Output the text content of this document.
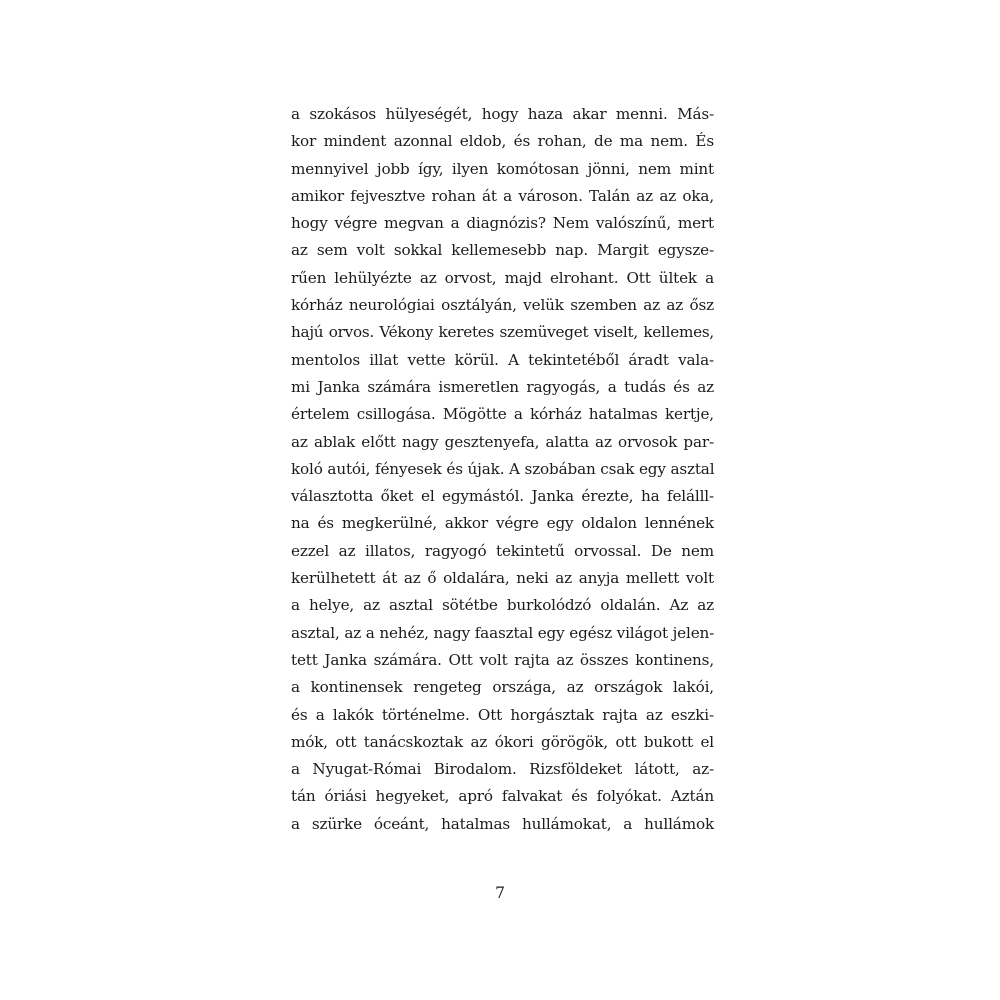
a szokásos hülyeségét, hogy haza akar menni. Más-
kor mindent azonnal eldob, és rohan, de ma nem. És
mennyivel jobb így, ilyen komótosan jönni, nem mint
amikor fejvesztve rohan át a városon. Talán az az oka,
hogy végre megvan a diagnózis? Nem valószínű, mert
az sem volt sokkal kellemesebb nap. Margit egysze-
rűen lehülyézte az orvost, majd elrohant. Ott ültek a
kórház neurológiai osztályán, velük szemben az az ősz
hajú orvos. Vékony keretes szemüveget viselt, kellemes,
mentolos illat vette körül. A tekintetéből áradt vala-
mi Janka számára ismeretlen ragyogás, a tudás és az
értelem csillogása. Mögötte a kórház hatalmas kertje,
az ablak előtt nagy gesztenyefa, alatta az orvosok par-
koló autói, fényesek és újak. A szobában csak egy asztal
választotta őket el egymástól. Janka érezte, ha felálll-
na és megkerülné, akkor végre egy oldalon lennének
ezzel az illatos, ragyogó tekintetű orvossal. De nem
kerülhetett át az ő oldalára, neki az anyja mellett volt
a helye, az asztal sötétbe burkolódzó oldalán. Az az
asztal, az a nehéz, nagy faasztal egy egész világot jelen-
tett Janka számára. Ott volt rajta az összes kontinens,
a kontinensek rengeteg országa, az országok lakói,
és a lakók történelme. Ott horgásztak rajta az eszki-
mók, ott tanácskoztak az ókori görögök, ott bukott el
a Nyugat-Római Birodalom. Rizsföldeket látott, az-
tán óriási hegyeket, apró falvakat és folyókat. Aztán
a szürke óceánt, hatalmas hullámokat, a hullámok
7
